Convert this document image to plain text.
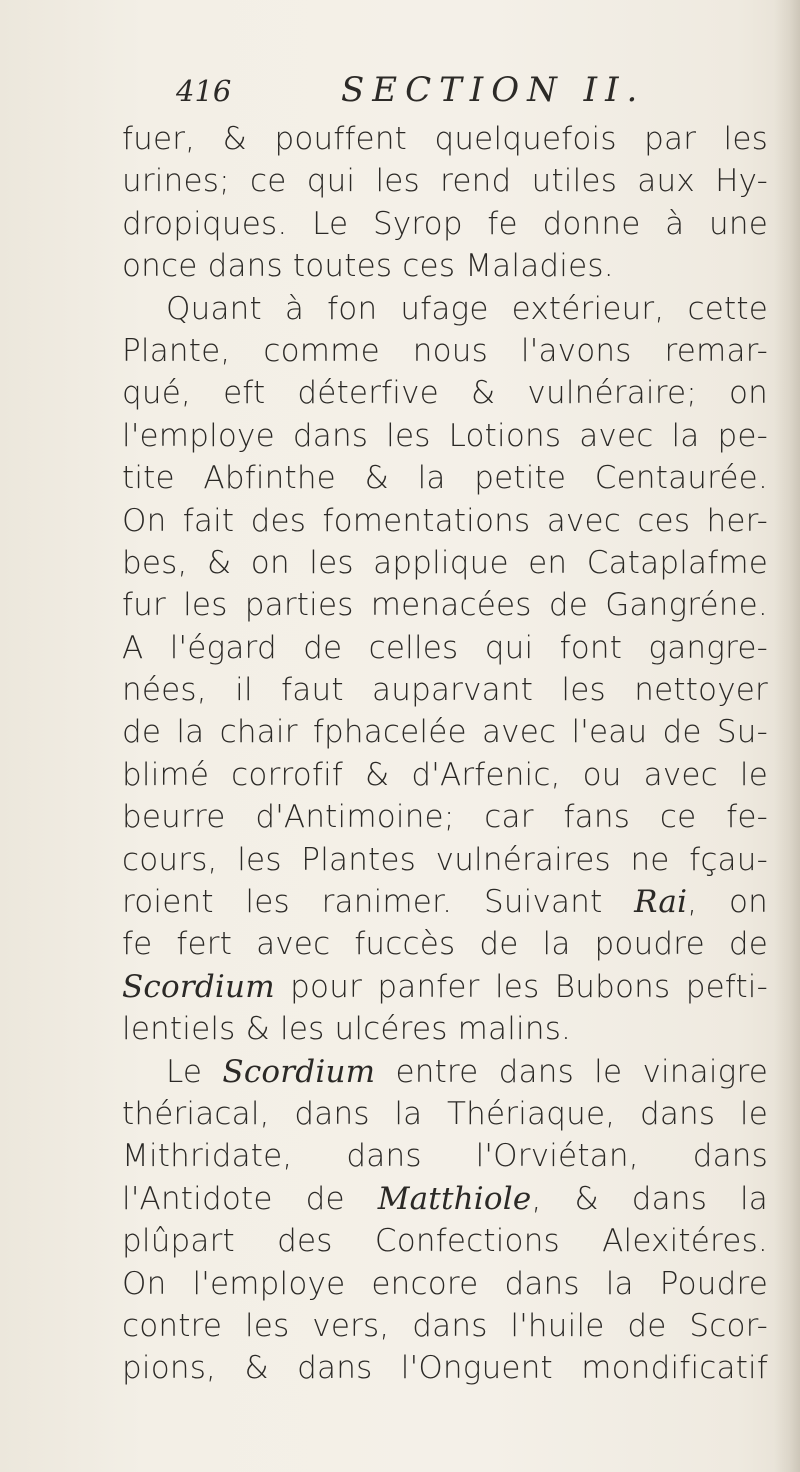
416	SECTION II.
fuer, & pouffent quelquefois par les
urines; ce qui les rend utiles aux Hy-
dropiques. Le Syrop fe donne à une
once dans toutes ces Maladies.
Quant à fon ufage extérieur, cette
Plante, comme nous l'avons remar-
qué, eft déterfive & vulnéraire; on
l'employe dans les Lotions avec la pe-
tite Abfinthe & la petite Centaurée.
On fait des fomentations avec ces her-
bes, & on les applique en Cataplafme
fur les parties menacées de Gangréne.
A l'égard de celles qui font gangre-
nées, il faut auparvant les nettoyer
de la chair fphacelée avec l'eau de Su-
blimé corrofif & d'Arfenic, ou avec le
beurre d'Antimoine; car fans ce fe-
cours, les Plantes vulnéraires ne fçau-
roient les ranimer. Suivant Rai, on
fe fert avec fuccès de la poudre de
Scordium pour panfer les Bubons pefti-
lentiels & les ulcéres malins.
Le Scordium entre dans le vinaigre
thériacal, dans la Thériaque, dans le
Mithridate, dans l'Orviétan, dans
l'Antidote de Matthiole, & dans la
plûpart des Confections Alexitéres.
On l'employe encore dans la Poudre
contre les vers, dans l'huile de Scor-
pions, & dans l'Onguent mondificatif
